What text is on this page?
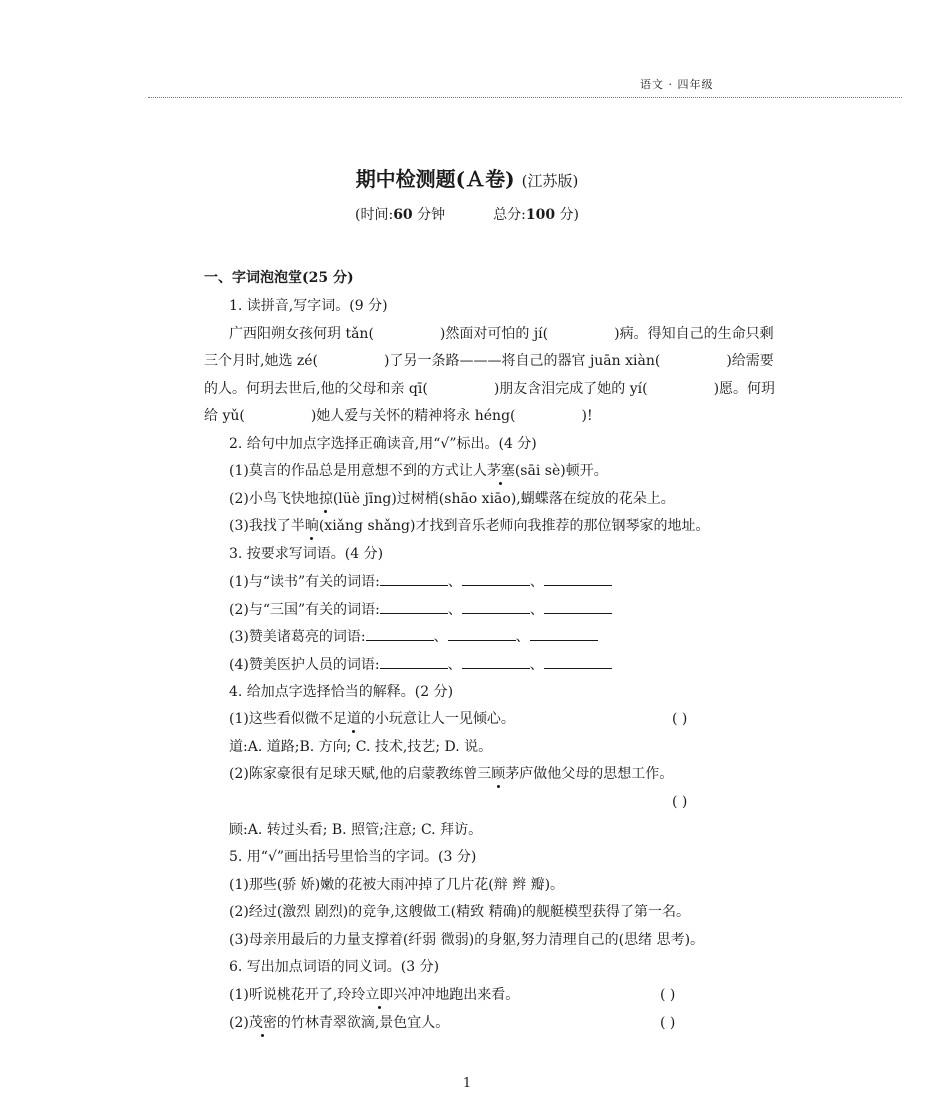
语文 · 四年级
期中检测题(Ａ卷) (江苏版)
(时间:60 分钟	总分:100 分)
一、字词泡泡堂(25 分)
1. 读拼音,写字词。(9 分)
广西阳朔女孩何玥 tǎn(	)然面对可怕的 jí(	)病。得知自己的生命只剩
三个月时,她选 zé(	)了另一条路———将自己的器官 juān xiàn(	)给需要
的人。何玥去世后,他的父母和亲 qī(	)朋友含泪完成了她的 yí(	)愿。何玥
给 yǔ(	)她人爱与关怀的精神将永 héng(	)!
2. 给句中加点字选择正确读音,用“√”标出。(4 分)
(1)莫言的作品总是用意想不到的方式让人茅塞(sāi sè)顿开。
(2)小鸟飞快地掠(lüè jīng)过树梢(shāo xiāo),蝴蝶落在绽放的花朵上。
(3)我找了半晌(xiǎng shǎng)才找到音乐老师向我推荐的那位钢琴家的地址。
3. 按要求写词语。(4 分)
(1)与“读书”有关的词语:	、	、
(2)与“三国”有关的词语:	、	、
(3)赞美诸葛亮的词语:	、	、
(4)赞美医护人员的词语:	、	、
4. 给加点字选择恰当的解释。(2 分)
(1)这些看似微不足道的小玩意让人一见倾心。	( )
道:A. 道路;B. 方向; C. 技术,技艺; D. 说。
(2)陈家豪很有足球天赋,他的启蒙教练曾三顾茅庐做他父母的思想工作。
( )
顾:A. 转过头看; B. 照管;注意; C. 拜访。
5. 用“√”画出括号里恰当的字词。(3 分)
(1)那些(骄 娇)嫩的花被大雨冲掉了几片花(辩 辫 瓣)。
(2)经过(激烈 剧烈)的竞争,这艘做工(精致 精确)的舰艇模型获得了第一名。
(3)母亲用最后的力量支撑着(纤弱 微弱)的身躯,努力清理自己的(思绪 思考)。
6. 写出加点词语的同义词。(3 分)
(1)听说桃花开了,玲玲立即兴冲冲地跑出来看。	( )
(2)茂密的竹林青翠欲滴,景色宜人。	( )
1
